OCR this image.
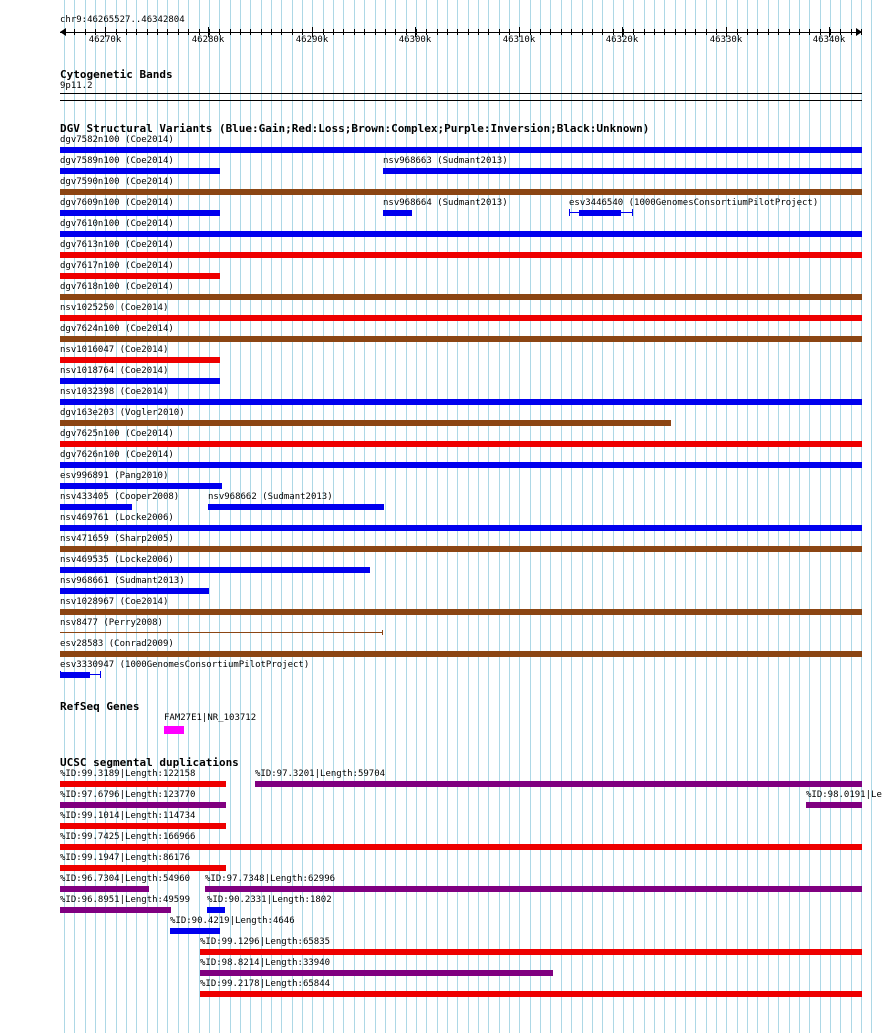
chr9:46265527..46342804
46270k	46280k	46290k	46300k	46310k	46320k	46330k	46340k
Cytogenetic Bands
9p11.2
DGV Structural Variants (Blue:Gain;Red:Loss;Brown:Complex;Purple:Inversion;Black:Unknown)
dgv7582n100 (Coe2014)
dgv7589n100 (Coe2014)	nsv968663 (Sudmant2013)
dgv7590n100 (Coe2014)
dgv7609n100 (Coe2014)	nsv968664 (Sudmant2013)	esv3446540 (1000GenomesConsortiumPilotProject)
dgv7610n100 (Coe2014)
dgv7613n100 (Coe2014)
dgv7617n100 (Coe2014)
dgv7618n100 (Coe2014)
nsv1025250 (Coe2014)
dgv7624n100 (Coe2014)
nsv1016047 (Coe2014)
nsv1018764 (Coe2014)
nsv1032398 (Coe2014)
dgv163e203 (Vogler2010)
dgv7625n100 (Coe2014)
dgv7626n100 (Coe2014)
esv996891 (Pang2010)
nsv433405 (Cooper2008)	nsv968662 (Sudmant2013)
nsv469761 (Locke2006)
nsv471659 (Sharp2005)
nsv469535 (Locke2006)
nsv968661 (Sudmant2013)
nsv1028967 (Coe2014)
nsv8477 (Perry2008)
esv28583 (Conrad2009)
esv3330947 (1000GenomesConsortiumPilotProject)
RefSeq Genes
FAM27E1|NR_103712
UCSC segmental duplications
%ID:99.3189|Length:122158	%ID:97.3201|Length:59704
%ID:98.0191|Le
%ID:97.6796|Length:123770
%ID:99.1014|Length:114734
%ID:99.7425|Length:166966
%ID:99.1947|Length:86176
%ID:96.7304|Length:54960 %ID:97.7348|Length:62996
%ID:96.8951|Length:49599 %ID:90.2331|Length:1802
%ID:90.4219|Length:4646
%ID:99.1296|Length:65835
%ID:98.8214|Length:33940
%ID:99.2178|Length:65844
